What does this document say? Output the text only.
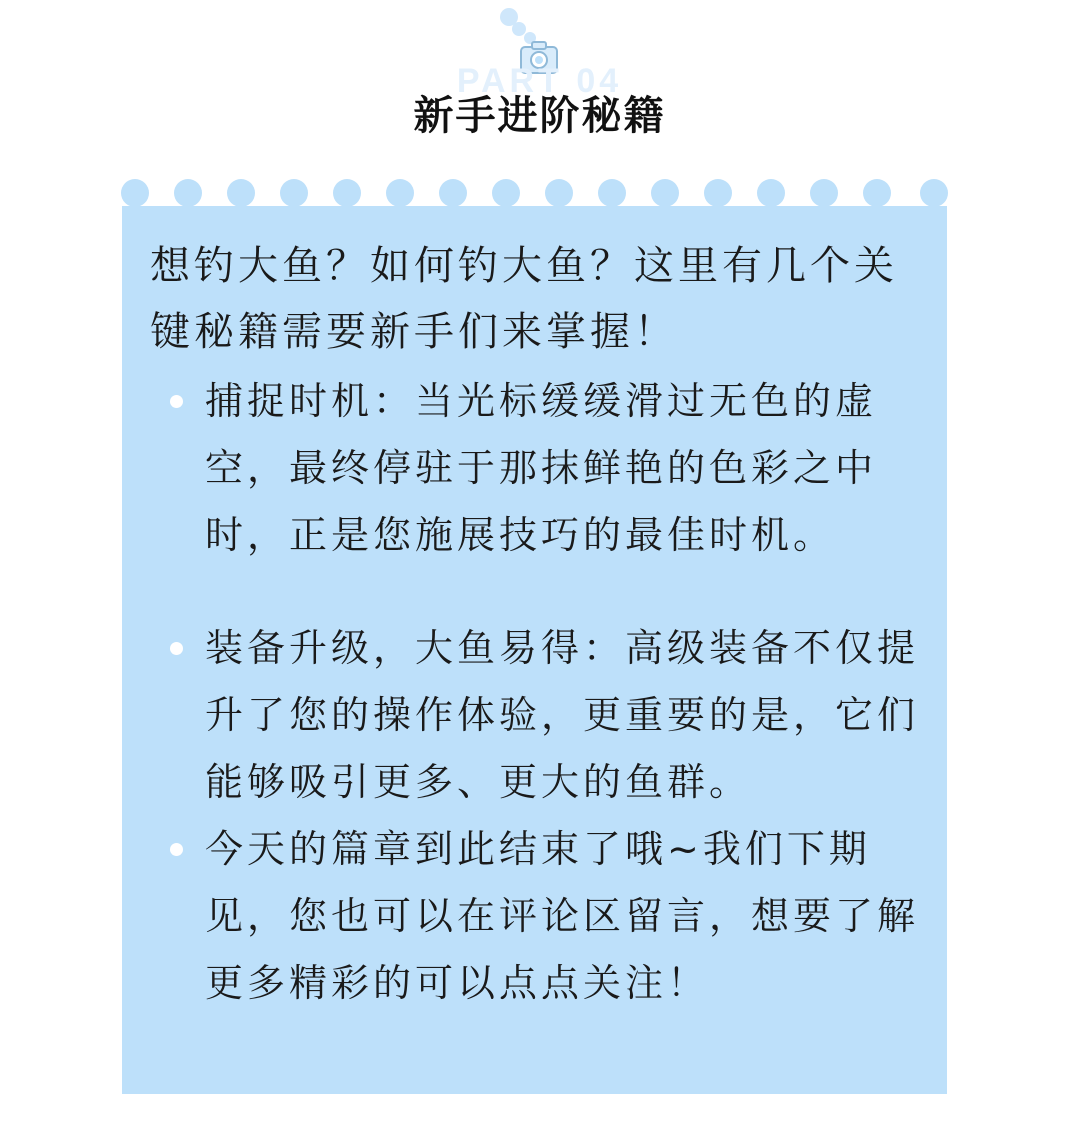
PART 04
新手进阶秘籍

想钓大鱼？如何钓大鱼？这里有几个关键秘籍需要新手们来掌握！

捕捉时机：当光标缓缓滑过无色的虚空，最终停驻于那抹鲜艳的色彩之中时，正是您施展技巧的最佳时机。
装备升级，大鱼易得：高级装备不仅提升了您的操作体验，更重要的是，它们能够吸引更多、更大的鱼群。
今天的篇章到此结束了哦~我们下期见，您也可以在评论区留言，想要了解更多精彩的可以点点关注！
